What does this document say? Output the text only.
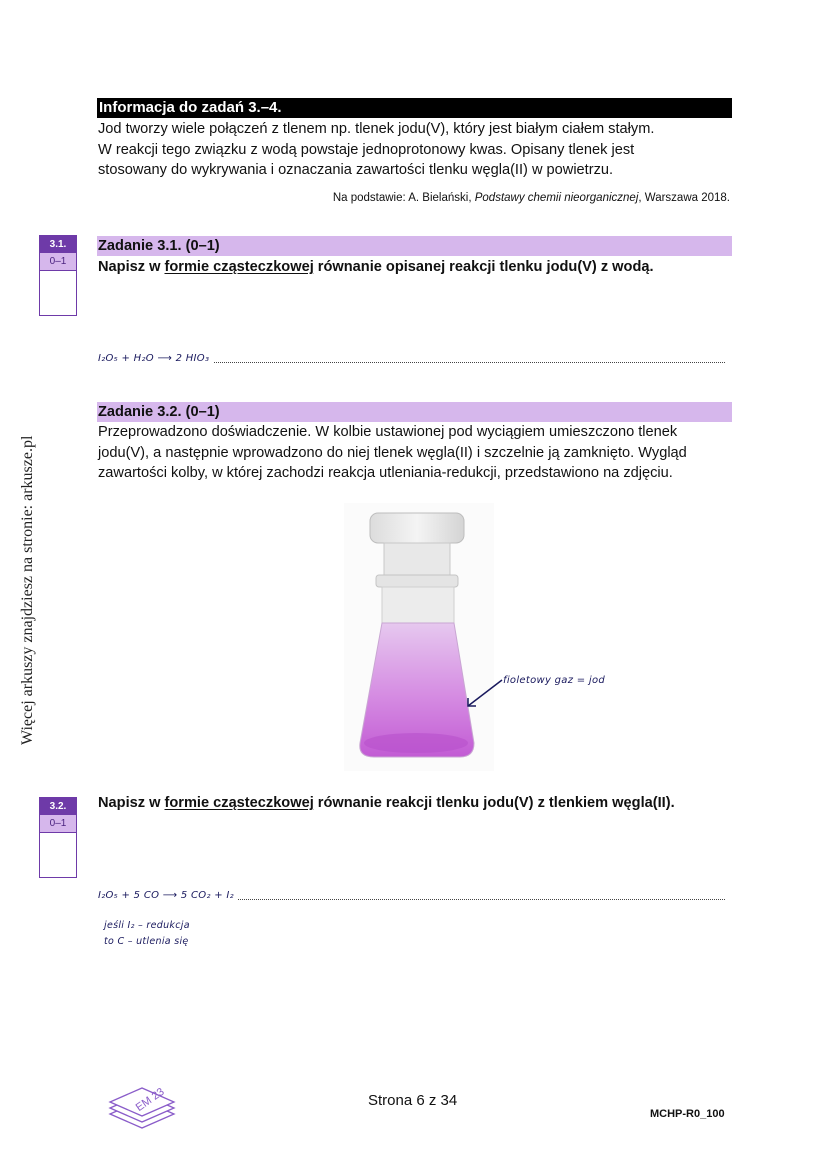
Więcej arkuszy znajdziesz na stronie: arkusze.pl
Informacja do zadań 3.–4.
Jod tworzy wiele połączeń z tlenem np. tlenek jodu(V), który jest białym ciałem stałym.
W reakcji tego związku z wodą powstaje jednoprotonowy kwas. Opisany tlenek jest
stosowany do wykrywania i oznaczania zawartości tlenku węgla(II) w powietrzu.
Na podstawie: A. Bielański, Podstawy chemii nieorganicznej, Warszawa 2018.
3.1.
0–1
Zadanie 3.1. (0–1)
Napisz w formie cząsteczkowej równanie opisanej reakcji tlenku jodu(V) z wodą.
$_{I_2O_5 + H_2O ⟶ 2 HIO_3}$
Zadanie 3.2. (0–1)
Przeprowadzono doświadczenie. W kolbie ustawionej pod wyciągiem umieszczono tlenek
jodu(V), a następnie wprowadzono do niej tlenek węgla(II) i szczelnie ją zamknięto. Wygląd
zawartości kolby, w której zachodzi reakcja utleniania-redukcji, przedstawiono na zdjęciu.
fioletowy gaz = jod
3.2.
0–1
Napisz w formie cząsteczkowej równanie reakcji tlenku jodu(V) z tlenkiem węgla(II).
$_{I_2O_5 + 5 CO ⟶ 5 CO_2 + I_2}$
jeśli I₂ – redukcja
to C – utlenia się
EM 23	Strona 6 z 34
MCHP-R0_100
